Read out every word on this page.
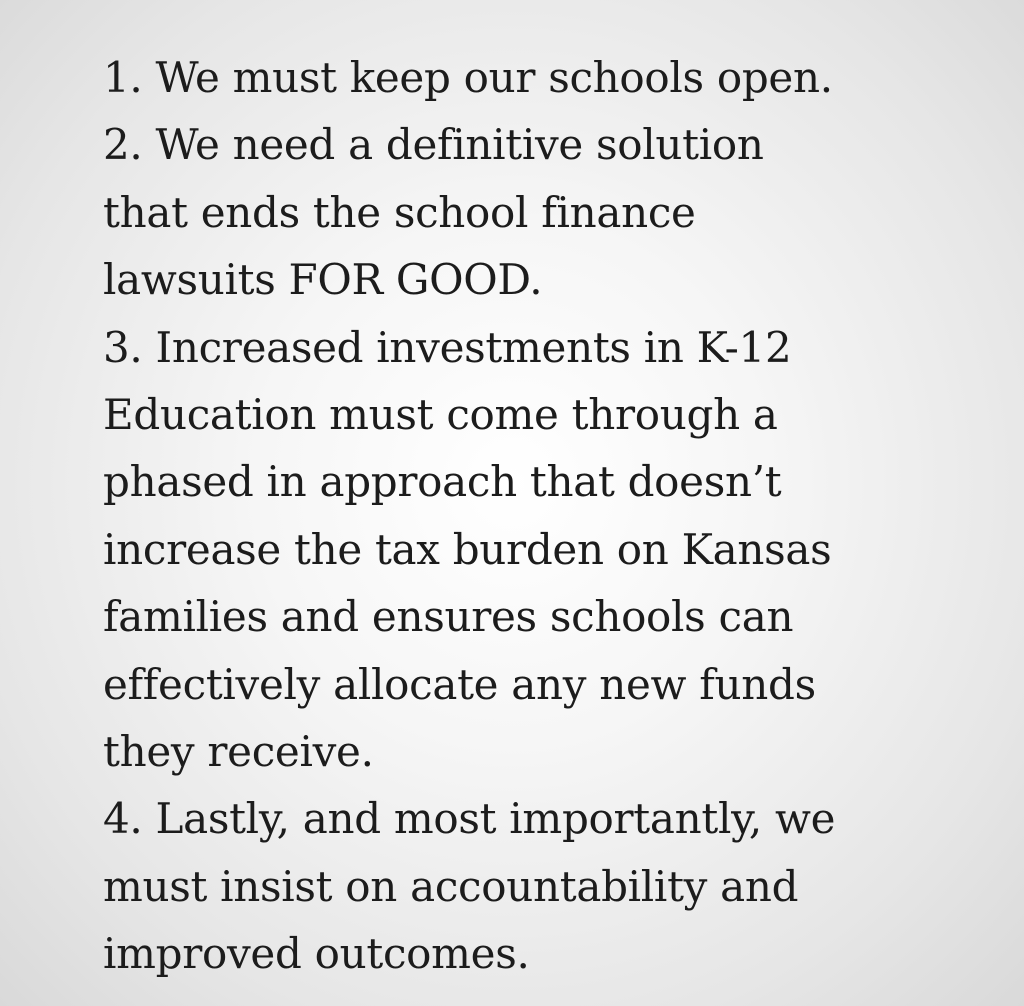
1. We must keep our schools open.
2. We need a definitive solution
that ends the school finance
lawsuits FOR GOOD.
3. Increased investments in K-12
Education must come through a
phased in approach that doesn’t
increase the tax burden on Kansas
families and ensures schools can
effectively allocate any new funds
they receive.
4. Lastly, and most importantly, we
must insist on accountability and
improved outcomes.
